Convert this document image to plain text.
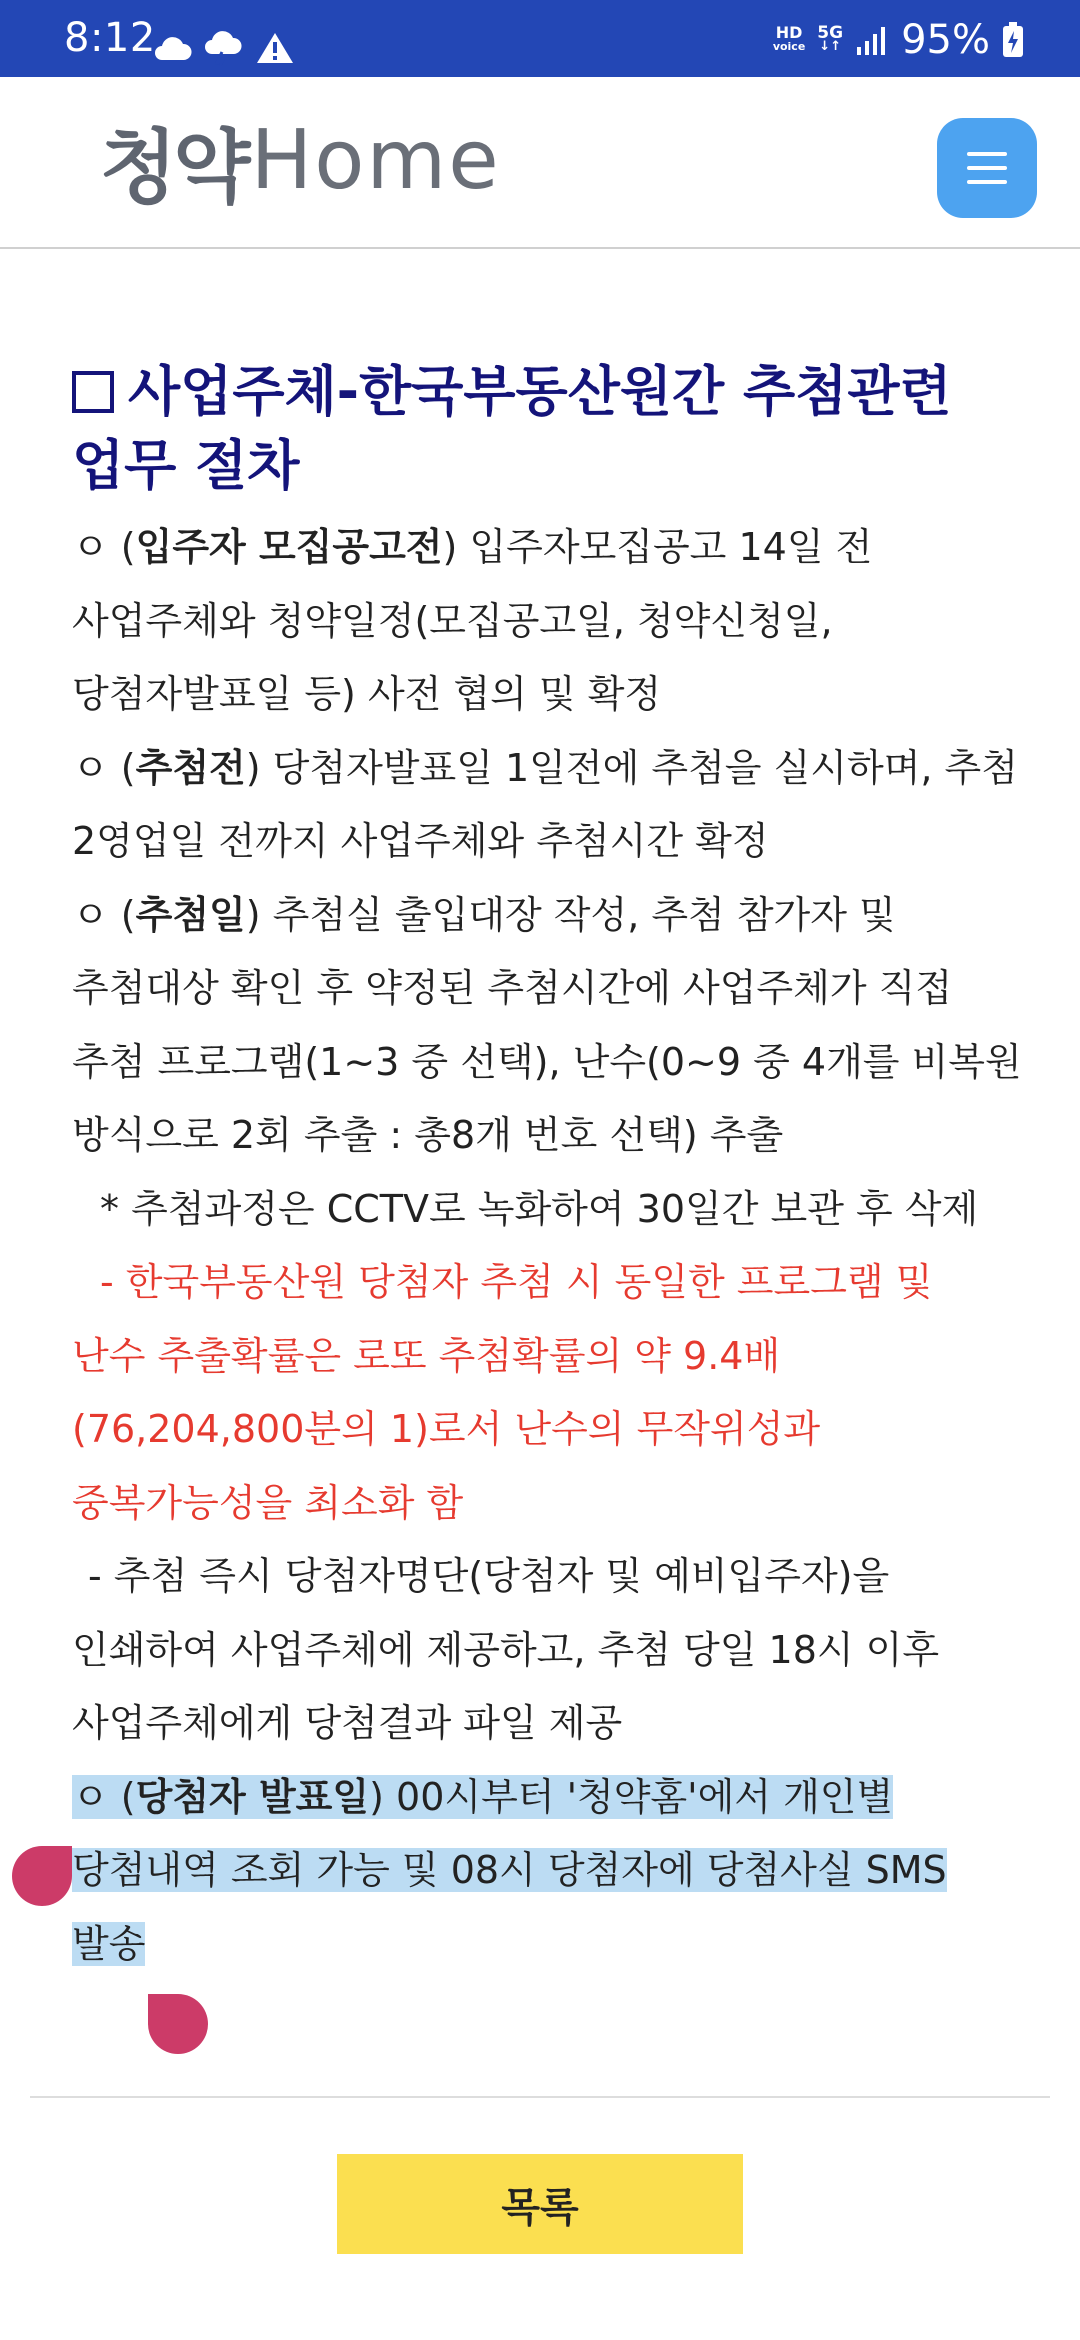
8:12	HD
voice
5G
↓↑ 95%
청약 Home
사업주체-한국부동산원간 추첨관련
업무 절차

ㅇ (입주자 모집공고전) 입주자모집공고 14일 전
사업주체와 청약일정(모집공고일, 청약신청일,
당첨자발표일 등) 사전 협의 및 확정

ㅇ (추첨전) 당첨자발표일 1일전에 추첨을 실시하며, 추첨
2영업일 전까지 사업주체와 추첨시간 확정

ㅇ (추첨일) 추첨실 출입대장 작성, 추첨 참가자 및
추첨대상 확인 후 약정된 추첨시간에 사업주체가 직접
추첨 프로그램(1~3 중 선택), 난수(0~9 중 4개를 비복원
방식으로 2회 추출 : 총8개 번호 선택) 추출

* 추첨과정은 CCTV로 녹화하여 30일간 보관 후 삭제

- 한국부동산원 당첨자 추첨 시 동일한 프로그램 및
난수 추출확률은 로또 추첨확률의 약 9.4배
(76,204,800분의 1)로서 난수의 무작위성과
중복가능성을 최소화 함

- 추첨 즉시 당첨자명단(당첨자 및 예비입주자)을
인쇄하여 사업주체에 제공하고, 추첨 당일 18시 이후
사업주체에게 당첨결과 파일 제공

ㅇ (당첨자 발표일) 00시부터 '청약홈'에서 개인별
당첨내역 조회 가능 및 08시 당첨자에 당첨사실 SMS
발송

목록
